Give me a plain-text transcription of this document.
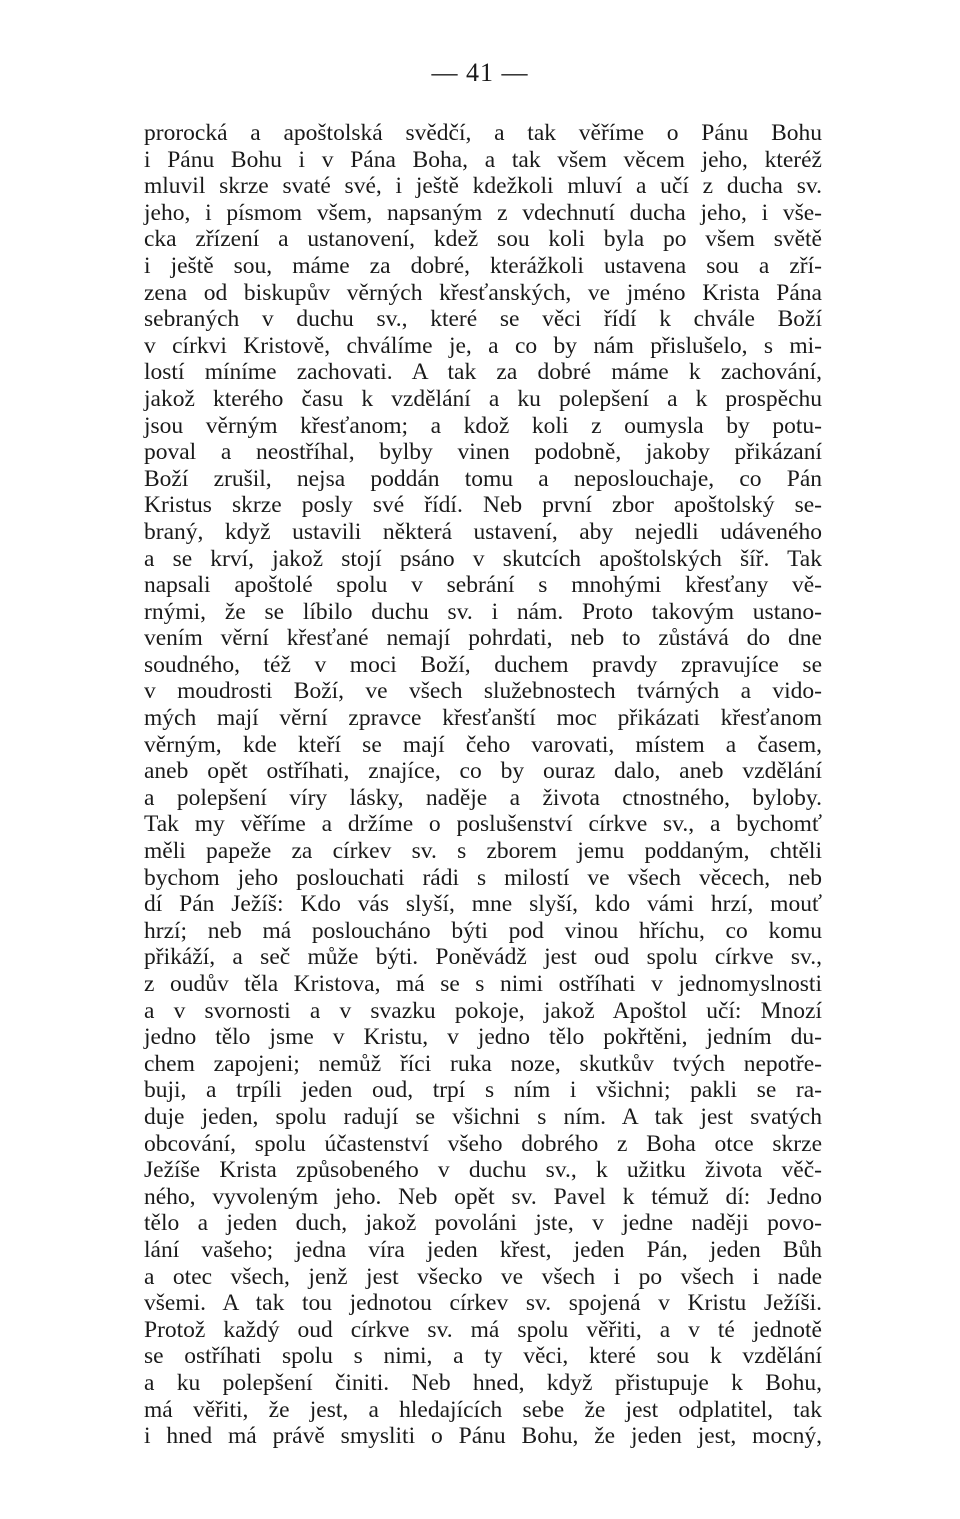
— 41 —
prorocká a apoštolská svědčí, a tak věříme o Pánu Bohu
i Pánu Bohu i v Pána Boha, a tak všem věcem jeho, kteréž
mluvil skrze svaté své, i ještě kdežkoli mluví a učí z ducha sv.
jeho, i písmom všem, napsaným z vdechnutí ducha jeho, i vše-
cka zřízení a ustanovení, kdež sou koli byla po všem světě
i ještě sou, máme za dobré, kterážkoli ustavena sou a zří-
zena od biskupův věrných křesťanských, ve jméno Krista Pána
sebraných v duchu sv., které se věci řídí k chvále Boží
v církvi Kristově, chválíme je, a co by nám přislušelo, s mi-
lostí míníme zachovati. A tak za dobré máme k zachování,
jakož kterého času k vzdělání a ku polepšení a k prospěchu
jsou věrným křesťanom; a kdož koli z oumysla by potu-
poval a neostříhal, bylby vinen podobně, jakoby přikázaní
Boží zrušil, nejsa poddán tomu a neposlouchaje, co Pán
Kristus skrze posly své řídí. Neb první zbor apoštolský se-
braný, když ustavili některá ustavení, aby nejedli udáveného
a se krví, jakož stojí psáno v skutcích apoštolských šíř. Tak
napsali apoštolé spolu v sebrání s mnohými křesťany vě-
rnými, že se líbilo duchu sv. i nám. Proto takovým ustano-
vením věrní křesťané nemají pohrdati, neb to zůstává do dne
soudného, též v moci Boží, duchem pravdy zpravujíce se
v moudrosti Boží, ve všech služebnostech tvárných a vido-
mých mají věrní zpravce křesťanští moc přikázati křesťanom
věrným, kde kteří se mají čeho varovati, místem a časem,
aneb opět ostříhati, znajíce, co by ouraz dalo, aneb vzdělání
a polepšení víry lásky, naděje a života ctnostného, byloby.
Tak my věříme a držíme o poslušenství církve sv., a bychomť
měli papeže za církev sv. s zborem jemu poddaným, chtěli
bychom jeho poslouchati rádi s milostí ve všech věcech, neb
dí Pán Ježíš: Kdo vás slyší, mne slyší, kdo vámi hrzí, mouť
hrzí; neb má posloucháno býti pod vinou hříchu, co komu
přikáží, a seč může býti. Poněvádž jest oud spolu církve sv.,
z oudův těla Kristova, má se s nimi ostříhati v jednomyslnosti
a v svornosti a v svazku pokoje, jakož Apoštol učí: Mnozí
jedno tělo jsme v Kristu, v jedno tělo pokřtěni, jedním du-
chem zapojeni; nemůž říci ruka noze, skutkův tvých nepotře-
buji, a trpíli jeden oud, trpí s ním i všichni; pakli se ra-
duje jeden, spolu radují se všichni s ním. A tak jest svatých
obcování, spolu účastenství všeho dobrého z Boha otce skrze
Ježíše Krista způsobeného v duchu sv., k užitku života věč-
ného, vyvoleným jeho. Neb opět sv. Pavel k témuž dí: Jedno
tělo a jeden duch, jakož povoláni jste, v jedne naději povo-
lání vašeho; jedna víra jeden křest, jeden Pán, jeden Bůh
a otec všech, jenž jest všecko ve všech i po všech i nade
všemi. A tak tou jednotou církev sv. spojená v Kristu Ježíši.
Protož každý oud církve sv. má spolu věřiti, a v té jednotě
se ostříhati spolu s nimi, a ty věci, které sou k vzdělání
a ku polepšení činiti. Neb hned, když přistupuje k Bohu,
má věřiti, že jest, a hledajících sebe že jest odplatitel, tak
i hned má právě smysliti o Pánu Bohu, že jeden jest, mocný,
